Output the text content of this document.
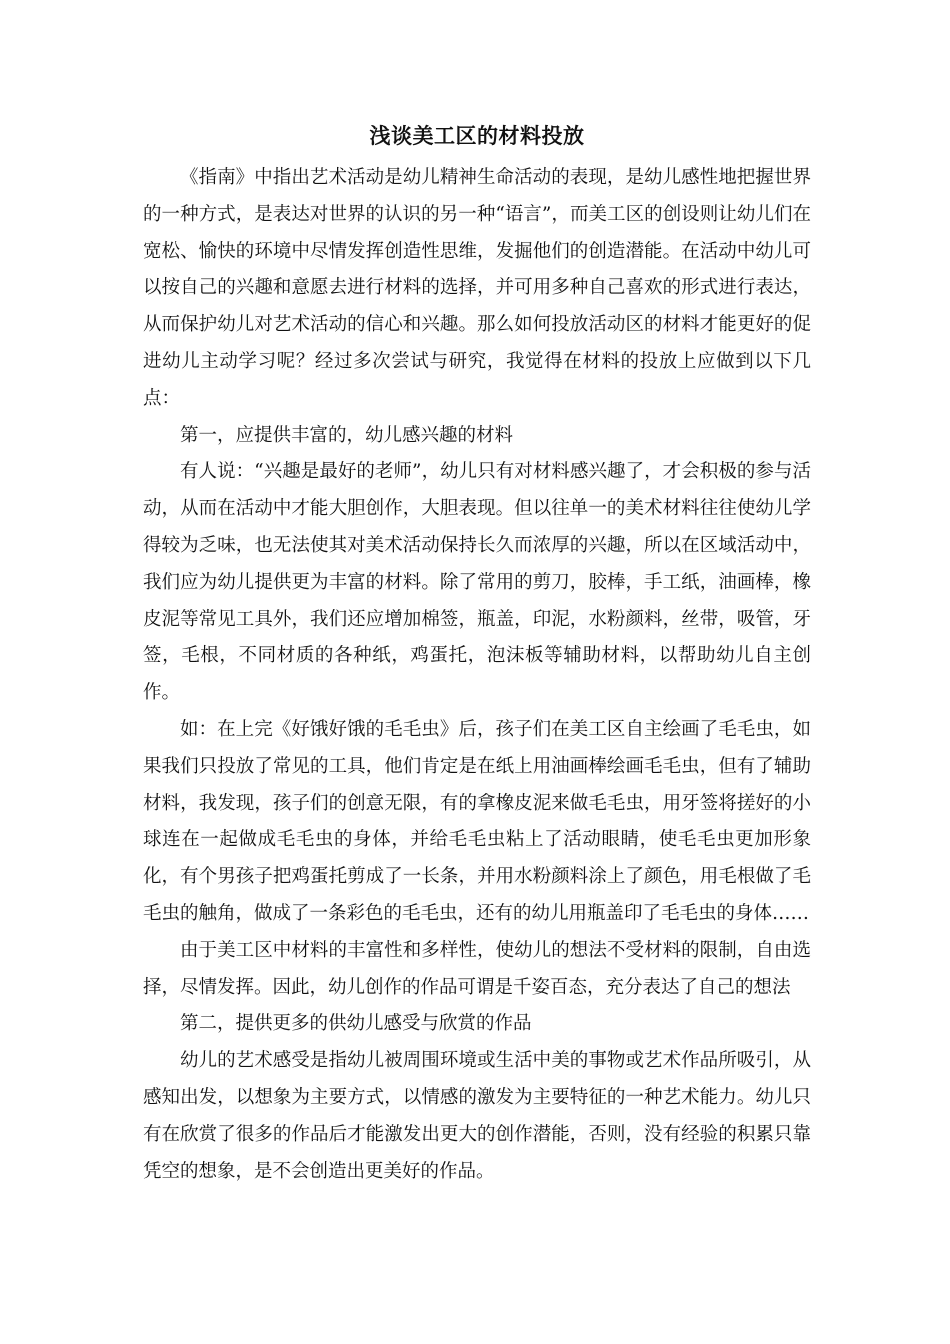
浅谈美工区的材料投放

《指南》中指出艺术活动是幼儿精神生命活动的表现，是幼儿感性地把握世界的一种方式，是表达对世界的认识的另一种“语言”，而美工区的创设则让幼儿们在宽松、愉快的环境中尽情发挥创造性思维，发掘他们的创造潜能。在活动中幼儿可以按自己的兴趣和意愿去进行材料的选择，并可用多种自己喜欢的形式进行表达，从而保护幼儿对艺术活动的信心和兴趣。那么如何投放活动区的材料才能更好的促进幼儿主动学习呢？经过多次尝试与研究，我觉得在材料的投放上应做到以下几点：

第一，应提供丰富的，幼儿感兴趣的材料

有人说：“兴趣是最好的老师”，幼儿只有对材料感兴趣了，才会积极的参与活动，从而在活动中才能大胆创作，大胆表现。但以往单一的美术材料往往使幼儿学得较为乏味，也无法使其对美术活动保持长久而浓厚的兴趣，所以在区域活动中，我们应为幼儿提供更为丰富的材料。除了常用的剪刀，胶棒，手工纸，油画棒，橡皮泥等常见工具外，我们还应增加棉签，瓶盖，印泥，水粉颜料，丝带，吸管，牙签，毛根，不同材质的各种纸，鸡蛋托，泡沫板等辅助材料，以帮助幼儿自主创作。

如：在上完《好饿好饿的毛毛虫》后，孩子们在美工区自主绘画了毛毛虫，如果我们只投放了常见的工具，他们肯定是在纸上用油画棒绘画毛毛虫，但有了辅助材料，我发现，孩子们的创意无限，有的拿橡皮泥来做毛毛虫，用牙签将搓好的小球连在一起做成毛毛虫的身体，并给毛毛虫粘上了活动眼睛，使毛毛虫更加形象化，有个男孩子把鸡蛋托剪成了一长条，并用水粉颜料涂上了颜色，用毛根做了毛毛虫的触角，做成了一条彩色的毛毛虫，还有的幼儿用瓶盖印了毛毛虫的身体……

由于美工区中材料的丰富性和多样性，使幼儿的想法不受材料的限制，自由选择，尽情发挥。因此，幼儿创作的作品可谓是千姿百态，充分表达了自己的想法

第二，提供更多的供幼儿感受与欣赏的作品

幼儿的艺术感受是指幼儿被周围环境或生活中美的事物或艺术作品所吸引，从感知出发，以想象为主要方式，以情感的激发为主要特征的一种艺术能力。幼儿只有在欣赏了很多的作品后才能激发出更大的创作潜能，否则，没有经验的积累只靠凭空的想象，是不会创造出更美好的作品。
